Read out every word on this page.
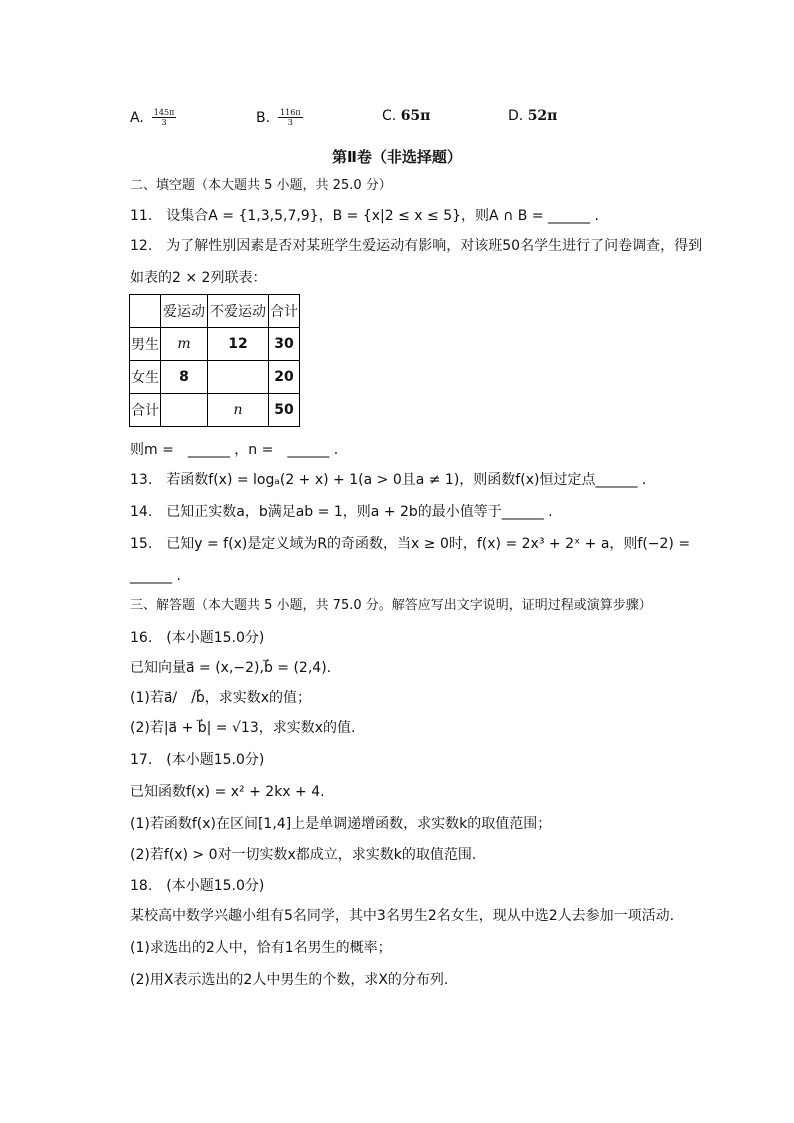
A. $\frac{145\pi}{3}$	B. $\frac{116\pi}{3}$	C.
65π	D.
52π
第Ⅱ卷（非选择题）
二、填空题（本大题共 5 小题，共 25.0 分）
11.　设集合A = {1,3,5,7,9}，B = {x|2 ≤ x ≤ 5}，则A ∩ B = ______ .
12.　为了解性别因素是否对某班学生爱运动有影响，对该班50名学生进行了问卷调查，得到
如表的2 × 2列联表：
	爱运动	不爱运动	合计
男生	m	12	30
女生	8		20
合计		n	50
则m =　______ ，n =　______ .
13.　若函数f(x) = logₐ(2 + x) + 1(a > 0且a ≠ 1)，则函数f(x)恒过定点______ .
14.　已知正实数a，b满足ab = 1，则a + 2b的最小值等于______ .
15.　已知y = f(x)是定义域为R的奇函数，当x ≥ 0时，f(x) = 2x³ + 2ˣ + a，则f(−2) =
______ .
三、解答题（本大题共 5 小题，共 75.0 分。解答应写出文字说明，证明过程或演算步骤）
16.　(本小题15.0分)
已知向量a⃗ = (x,−2),b⃗ = (2,4).
(1)若a⃗/　/b⃗，求实数x的值；
(2)若|a⃗ + b⃗| = √13，求实数x的值.
17.　(本小题15.0分)
已知函数f(x) = x² + 2kx + 4.
(1)若函数f(x)在区间[1,4]上是单调递增函数，求实数k的取值范围；
(2)若f(x) > 0对一切实数x都成立，求实数k的取值范围.
18.　(本小题15.0分)
某校高中数学兴趣小组有5名同学，其中3名男生2名女生，现从中选2人去参加一项活动.
(1)求选出的2人中，恰有1名男生的概率；
(2)用X表示选出的2人中男生的个数，求X的分布列.
